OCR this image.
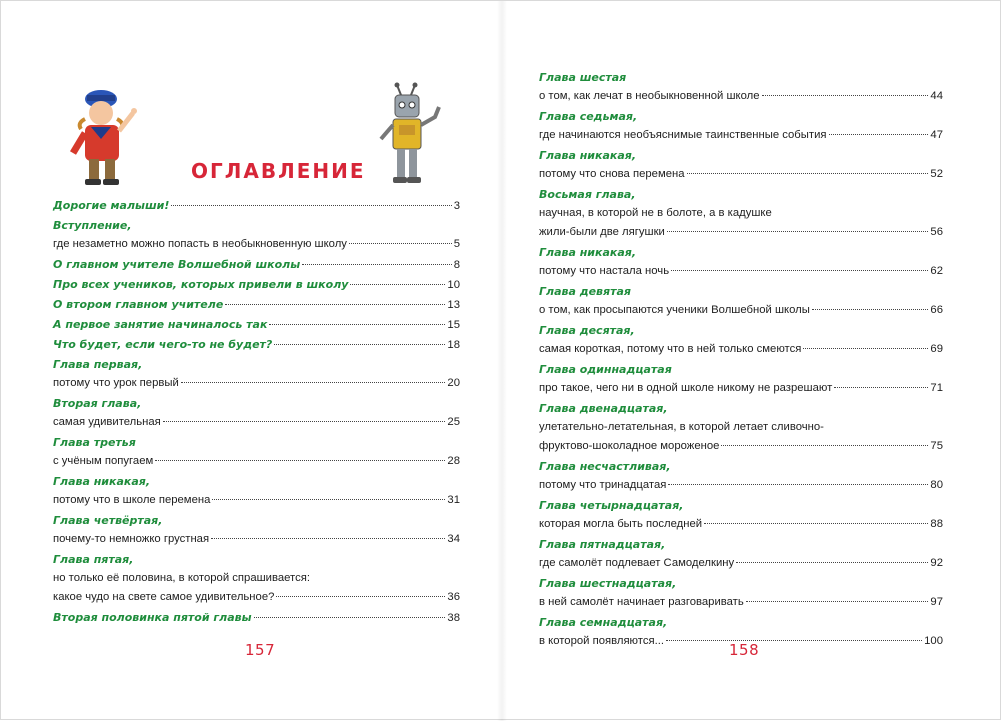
ОГЛАВЛЕНИЕ
Дорогие малыши!	3
Вступление,
где незаметно можно попасть в необыкновенную школу	5
О главном учителе Волшебной школы	8
Про всех учеников, которых привели в школу	10
О втором главном учителе	13
А первое занятие начиналось так	15
Что будет, если чего-то не будет?	18
Глава первая,
потому что урок первый	20
Вторая глава,
самая удивительная	25
Глава третья
с учёным попугаем	28
Глава никакая,
потому что в школе перемена	31
Глава четвёртая,
почему-то немножко грустная	34
Глава пятая,
но только её половина, в которой спрашивается:
какое чудо на свете самое удивительное?	36
Вторая половинка пятой главы	38
157	158
Глава шестая
о том, как лечат в необыкновенной школе	44
Глава седьмая,
где начинаются необъяснимые таинственные события	47
Глава никакая,
потому что снова перемена	52
Восьмая глава,
научная, в которой не в болоте, а в кадушке
жили-были две лягушки	56
Глава никакая,
потому что настала ночь	62
Глава девятая
о том, как просыпаются ученики Волшебной школы	66
Глава десятая,
самая короткая, потому что в ней только смеются	69
Глава одиннадцатая
про такое, чего ни в одной школе никому не разрешают	71
Глава двенадцатая,
улетательно-летательная, в которой летает сливочно-
фруктово-шоколадное мороженое	75
Глава несчастливая,
потому что тринадцатая	80
Глава четырнадцатая,
которая могла быть последней	88
Глава пятнадцатая,
где самолёт подлевает Самоделкину	92
Глава шестнадцатая,
в ней самолёт начинает разговаривать	97
Глава семнадцатая,
в которой появляются...	100
